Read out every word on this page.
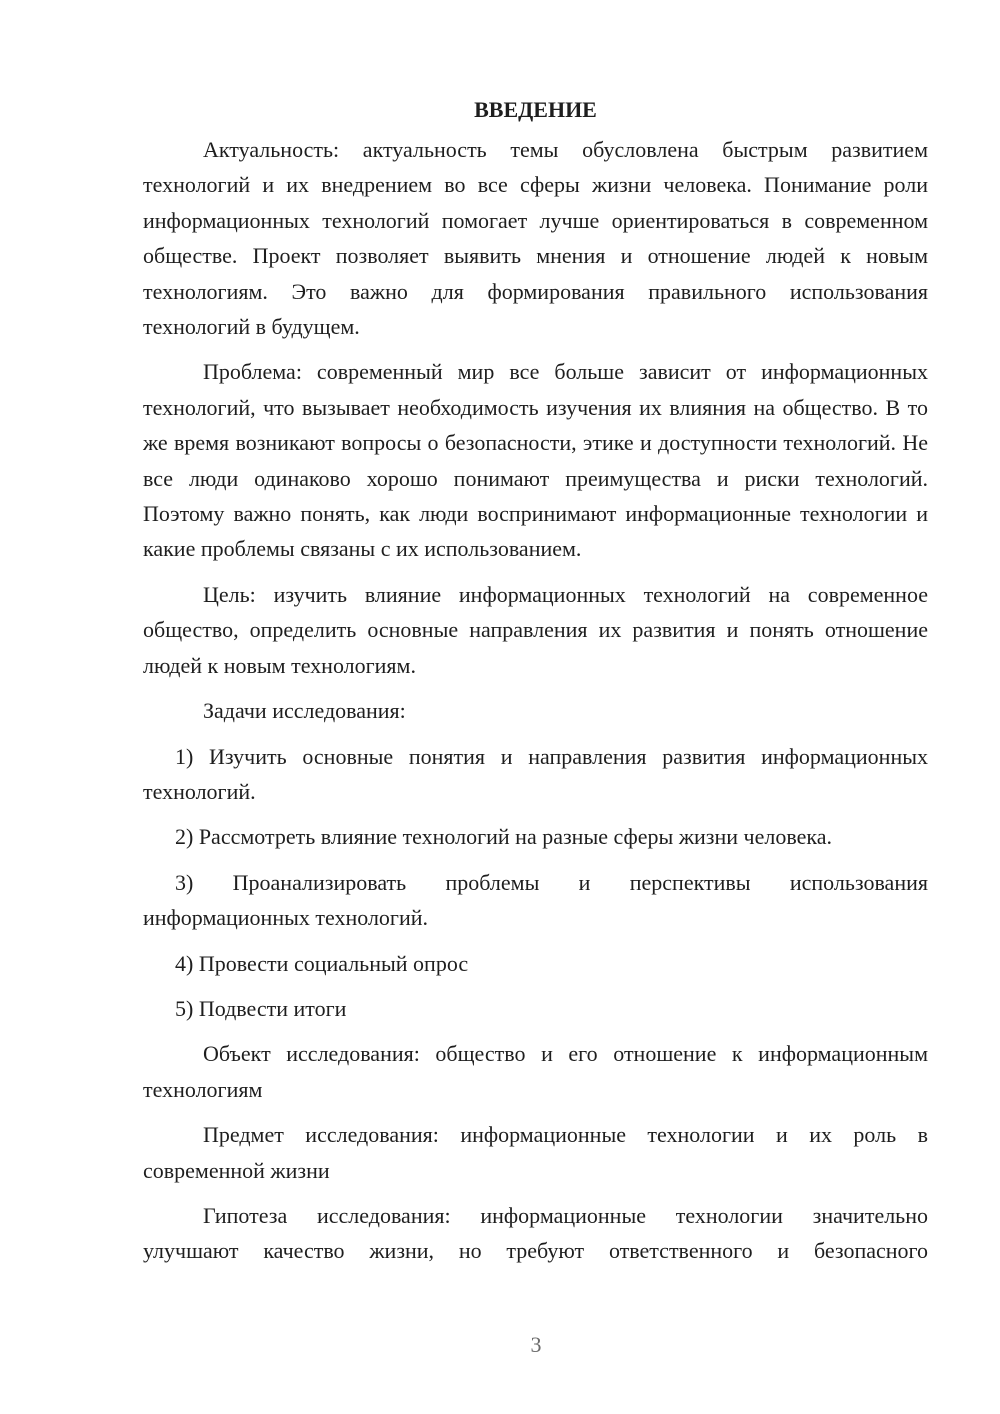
ВВЕДЕНИЕ

Актуальность: актуальность темы обусловлена быстрым развитием технологий и их внедрением во все сферы жизни человека. Понимание роли информационных технологий помогает лучше ориентироваться в современном обществе. Проект позволяет выявить мнения и отношение людей к новым технологиям. Это важно для формирования правильного использования технологий в будущем.

Проблема: современный мир все больше зависит от информационных технологий, что вызывает необходимость изучения их влияния на общество. В то же время возникают вопросы о безопасности, этике и доступности технологий. Не все люди одинаково хорошо понимают преимущества и риски технологий. Поэтому важно понять, как люди воспринимают информационные технологии и какие проблемы связаны с их использованием.

Цель: изучить влияние информационных технологий на современное общество, определить основные направления их развития и понять отношение людей к новым технологиям.

Задачи исследования:

1) Изучить основные понятия и направления развития информационных технологий.

2) Рассмотреть влияние технологий на разные сферы жизни человека.

3) Проанализировать проблемы и перспективы использования информационных технологий.

4) Провести социальный опрос

5) Подвести итоги

Объект исследования: общество и его отношение к информационным технологиям

Предмет исследования: информационные технологии и их роль в современной жизни

Гипотеза исследования: информационные технологии значительно улучшают качество жизни, но требуют ответственного и безопасного

3
